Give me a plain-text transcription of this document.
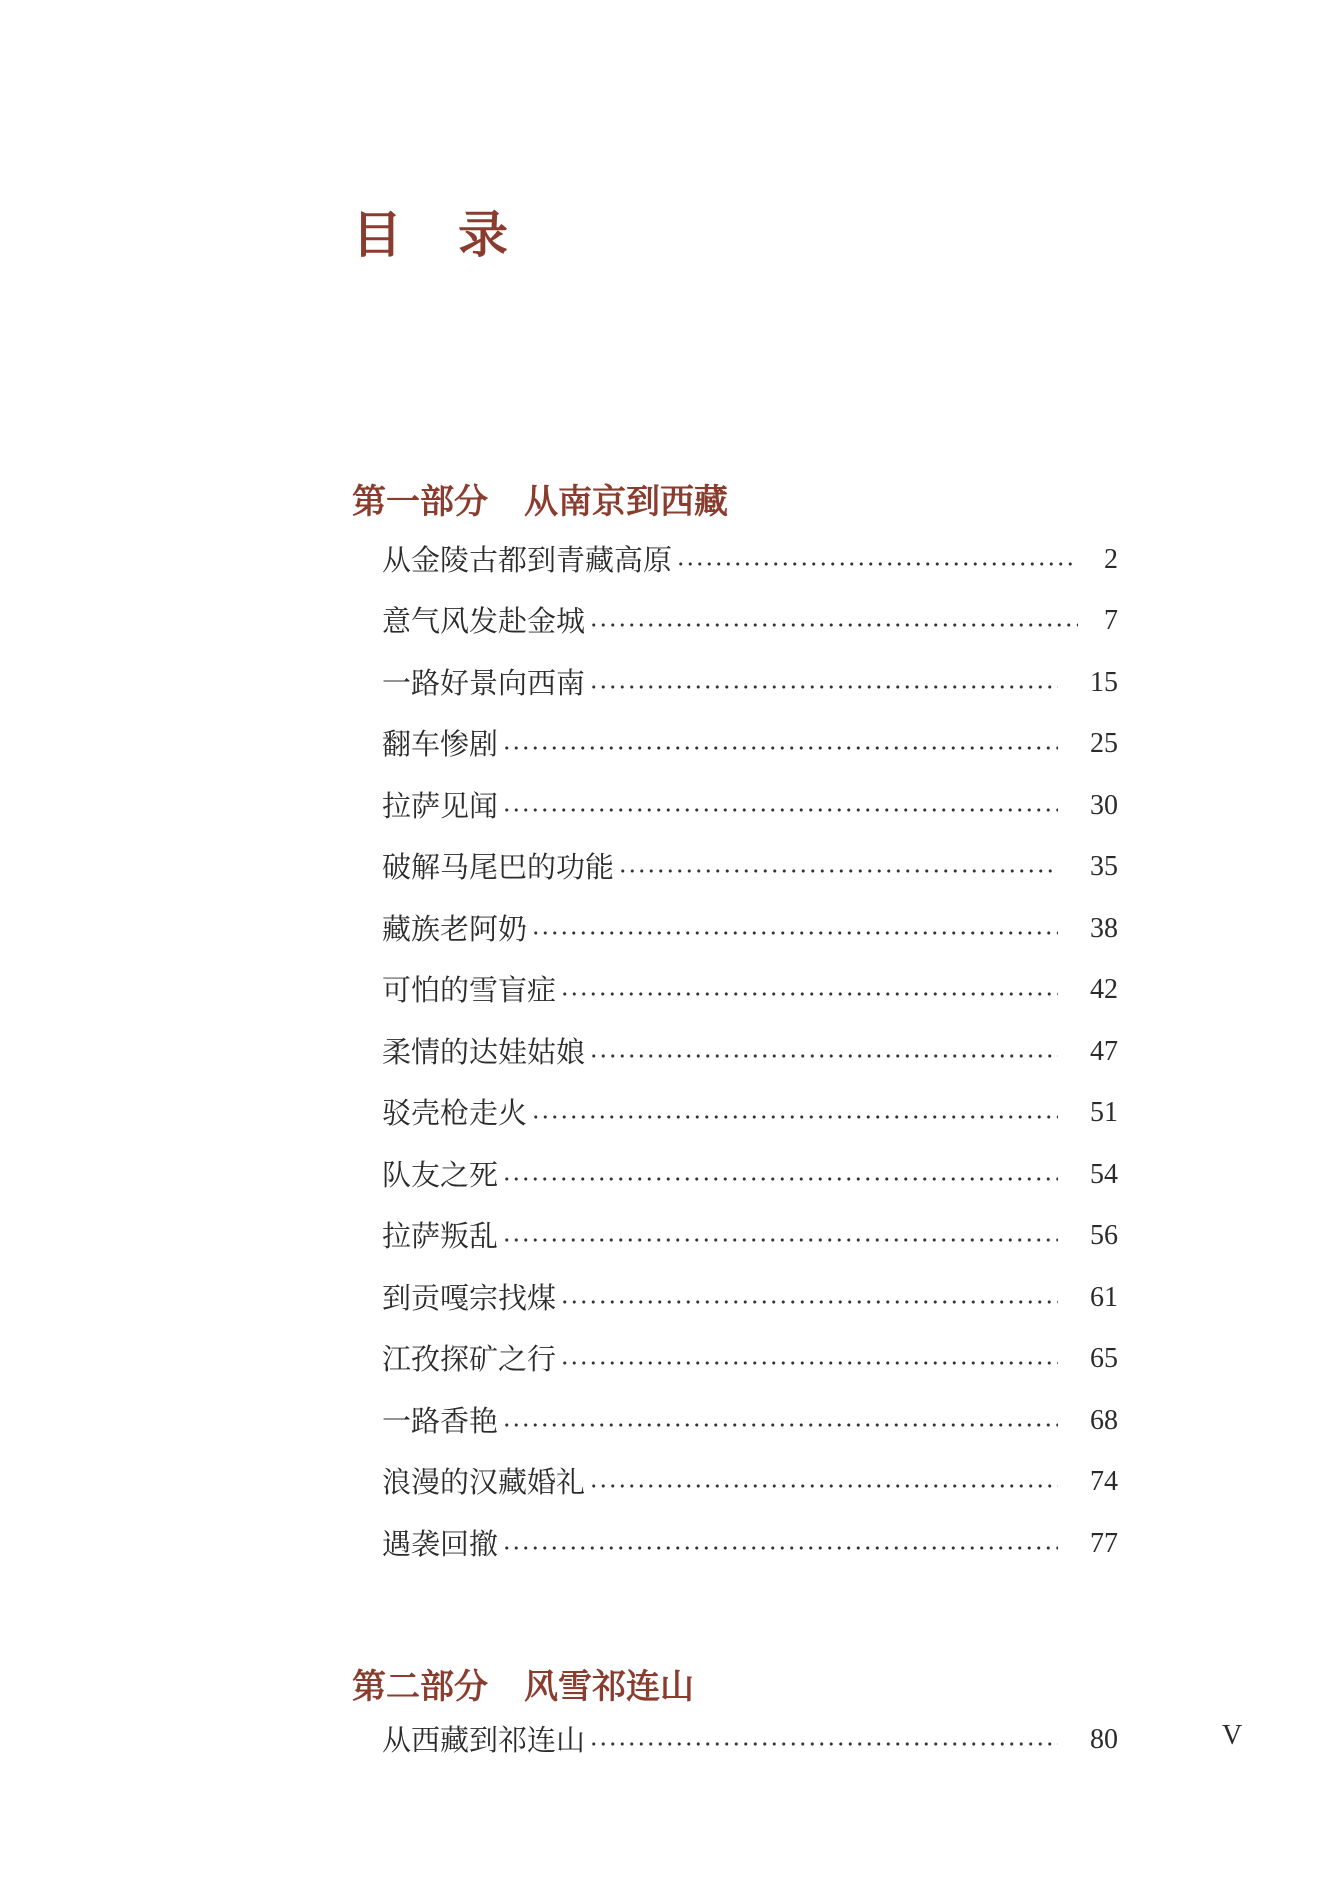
目 录
第一部分 从南京到西藏
从金陵古都到青藏高原	2
意气风发赴金城	7
一路好景向西南	15
翻车惨剧	25
拉萨见闻	30
破解马尾巴的功能	35
藏族老阿奶	38
可怕的雪盲症	42
柔情的达娃姑娘	47
驳壳枪走火	51
队友之死	54
拉萨叛乱	56
到贡嘎宗找煤	61
江孜探矿之行	65
一路香艳	68
浪漫的汉藏婚礼	74
遇袭回撤	77
第二部分 风雪祁连山
从西藏到祁连山	80	V
